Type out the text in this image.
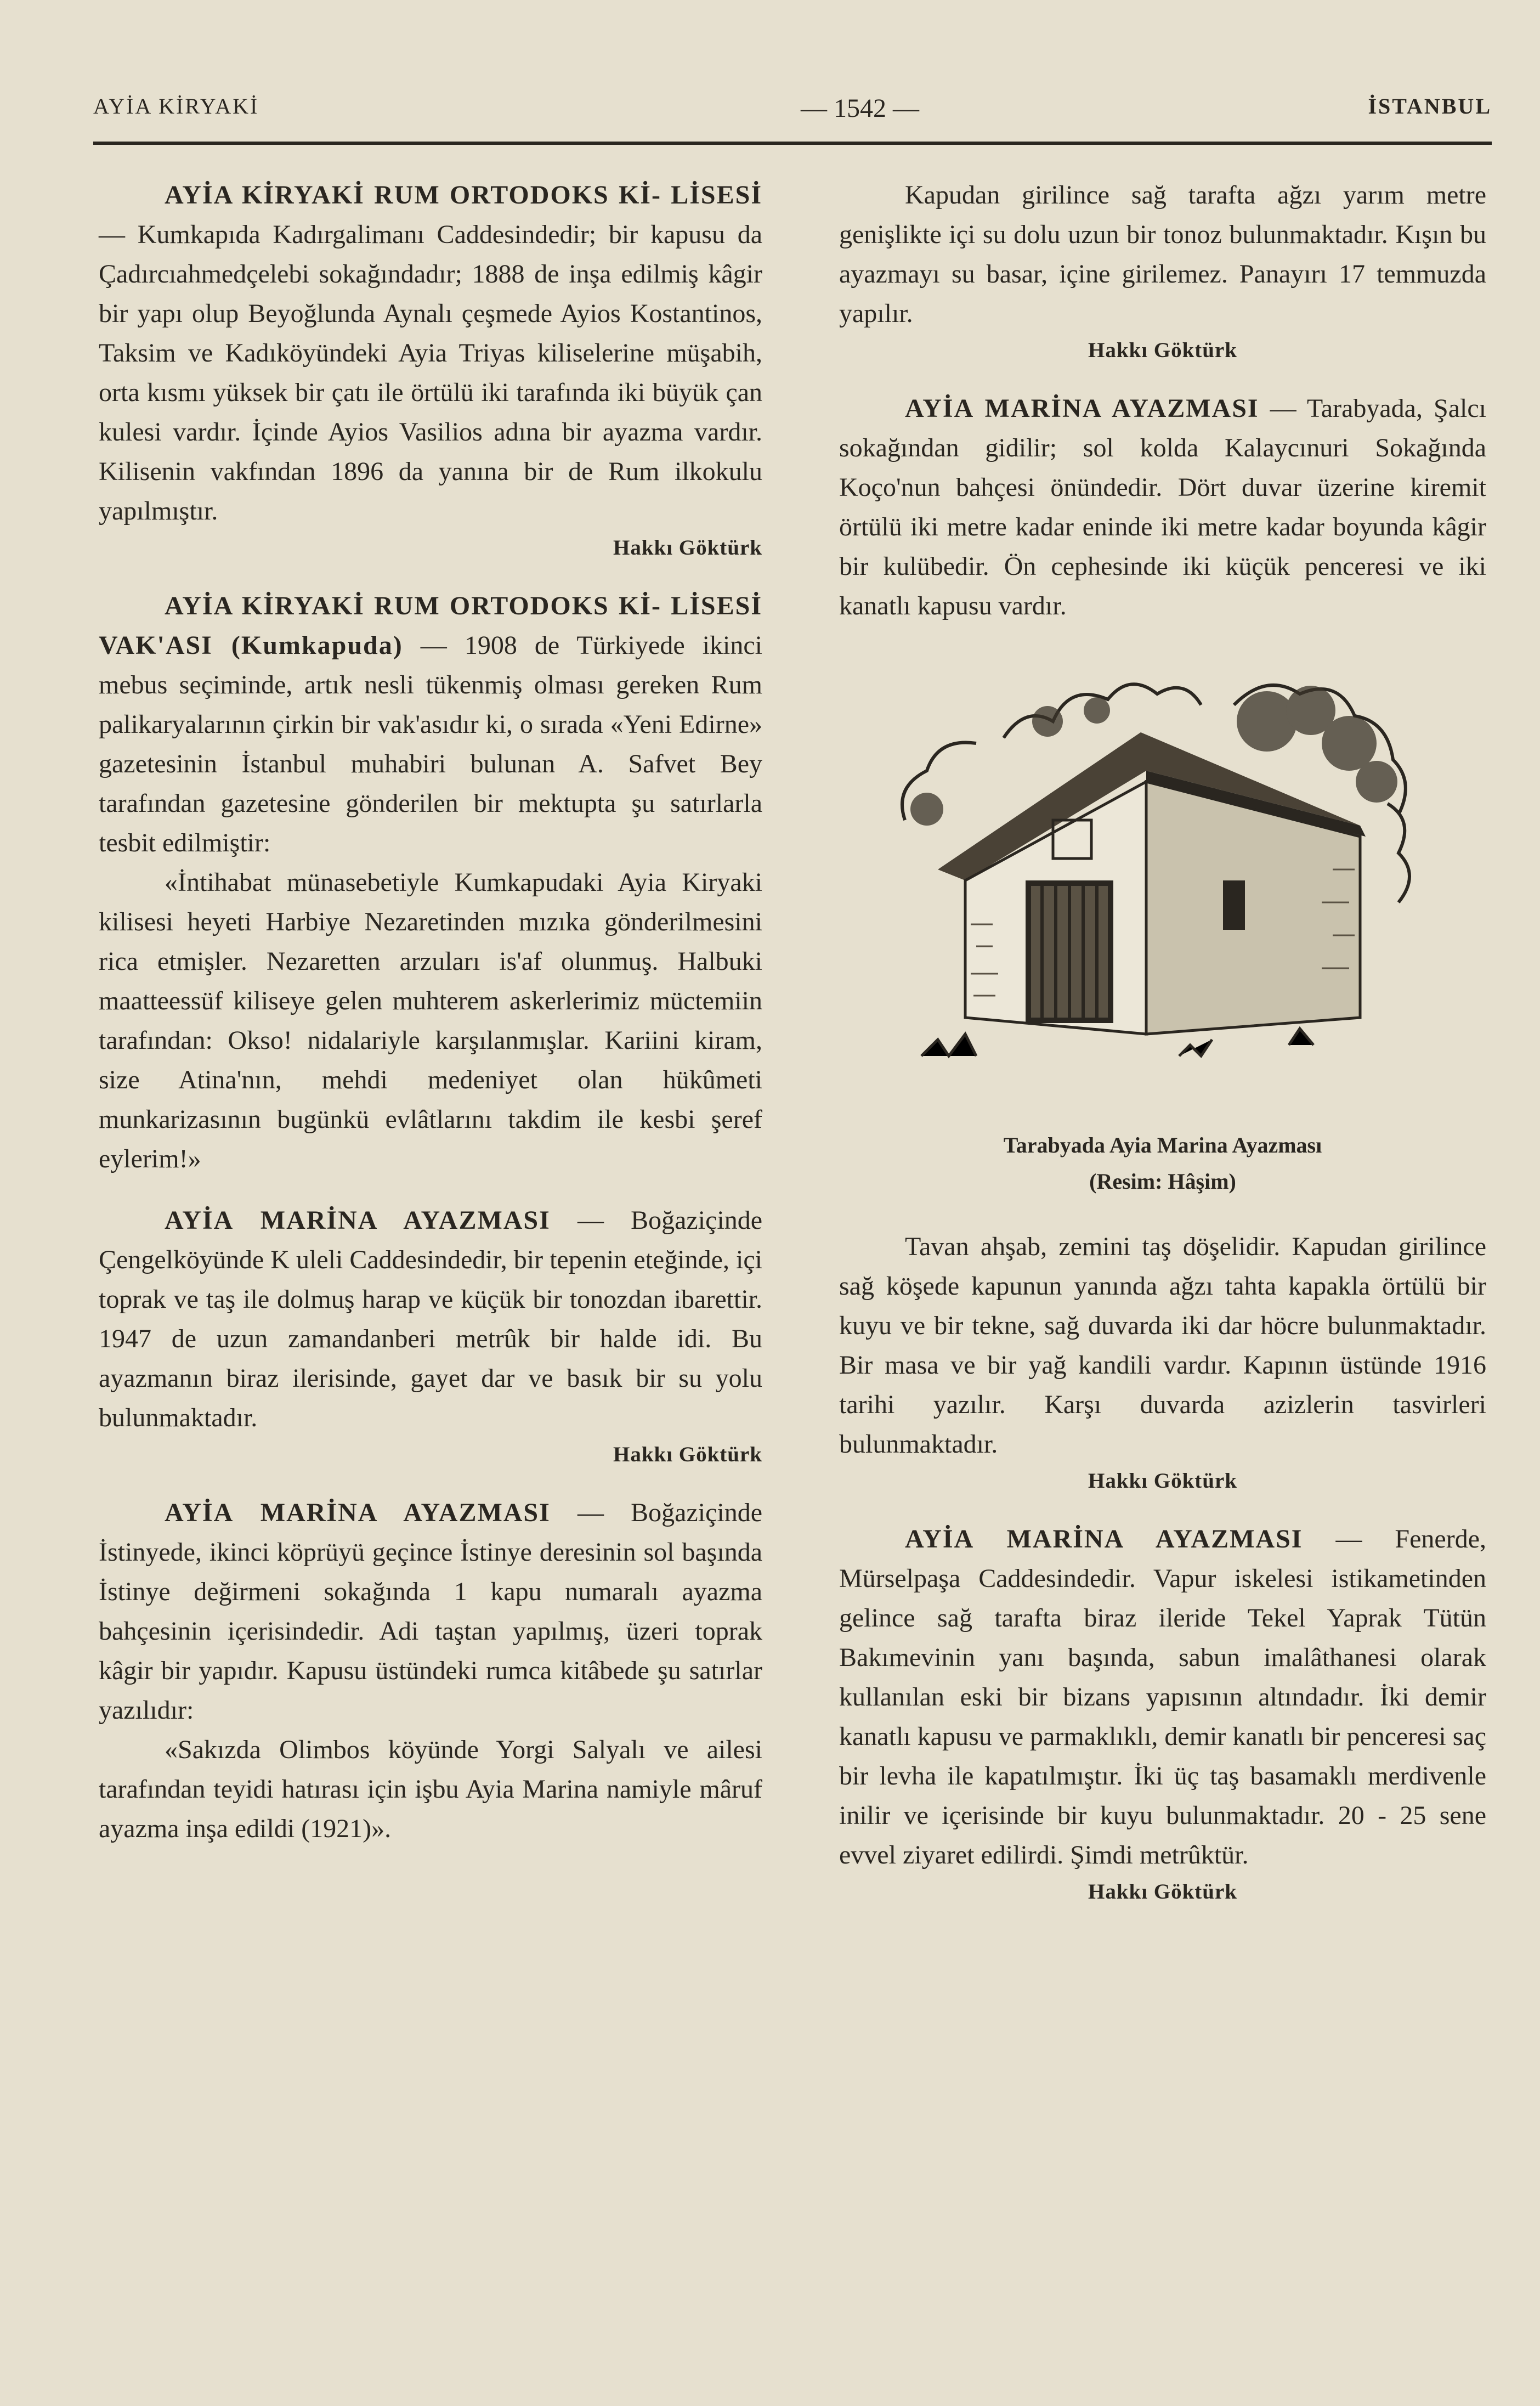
AYİA KİRYAKİ	— 1542 —	İSTANBUL

AYİA KİRYAKİ RUM ORTODOKS Kİ- LİSESİ — Kumkapıda Kadırgalimanı Caddesindedir; bir kapusu da Çadırcıahmedçelebi sokağındadır; 1888 de inşa edilmiş kâgir bir yapı olup Beyoğlunda Aynalı çeşmede Ayios Kostantinos, Taksim ve Kadıköyündeki Ayia Triyas kiliselerine müşabih, orta kısmı yüksek bir çatı ile örtülü iki tarafında iki büyük çan kulesi vardır. İçinde Ayios Vasilios adına bir ayazma vardır. Kilisenin vakfından 1896 da yanına bir de Rum ilkokulu yapılmıştır.

Hakkı Göktürk

AYİA KİRYAKİ RUM ORTODOKS Kİ- LİSESİ VAK'ASI (Kumkapuda) — 1908 de Türkiyede ikinci mebus seçiminde, artık nesli tükenmiş olması gereken Rum palikaryalarının çirkin bir vak'asıdır ki, o sırada «Yeni Edirne» gazetesinin İstanbul muhabiri bulunan A. Safvet Bey tarafından gazetesine gönderilen bir mektupta şu satırlarla tesbit edilmiştir:

«İntihabat münasebetiyle Kumkapudaki Ayia Kiryaki kilisesi heyeti Harbiye Nezaretinden mızıka gönderilmesini rica etmişler. Nezaretten arzuları is'af olunmuş. Halbuki maatteessüf kiliseye gelen muhterem askerlerimiz müctemiin tarafından: Okso! nidalariyle karşılanmışlar. Kariini kiram, size Atina'nın, mehdi medeniyet olan hükûmeti munkarizasının bugünkü evlâtlarını takdim ile kesbi şeref eylerim!»

AYİA MARİNA AYAZMASI — Boğaziçinde Çengelköyünde K uleli Caddesindedir, bir tepenin eteğinde, içi toprak ve taş ile dolmuş harap ve küçük bir tonozdan ibarettir. 1947 de uzun zamandanberi metrûk bir halde idi. Bu ayazmanın biraz ilerisinde, gayet dar ve basık bir su yolu bulunmaktadır.

Hakkı Göktürk

AYİA MARİNA AYAZMASI — Boğaziçinde İstinyede, ikinci köprüyü geçince İstinye deresinin sol başında İstinye değirmeni sokağında 1 kapu numaralı ayazma bahçesinin içerisindedir. Adi taştan yapılmış, üzeri toprak kâgir bir yapıdır. Kapusu üstündeki rumca kitâbede şu satırlar yazılıdır:

«Sakızda Olimbos köyünde Yorgi Salyalı ve ailesi tarafından teyidi hatırası için işbu Ayia Marina namiyle mâruf ayazma inşa edildi (1921)».

Kapudan girilince sağ tarafta ağzı yarım metre genişlikte içi su dolu uzun bir tonoz bulunmaktadır. Kışın bu ayazmayı su basar, içine girilemez. Panayırı 17 temmuzda yapılır.

Hakkı Göktürk

AYİA MARİNA AYAZMASI — Tarabyada, Şalcı sokağından gidilir; sol kolda Kalaycınuri Sokağında Koço'nun bahçesi önündedir. Dört duvar üzerine kiremit örtülü iki metre kadar eninde iki metre kadar boyunda kâgir bir kulübedir. Ön cephesinde iki küçük penceresi ve iki kanatlı kapusu vardır.

Tarabyada Ayia Marina Ayazması

(Resim: Hâşim)

Tavan ahşab, zemini taş döşelidir. Kapudan girilince sağ köşede kapunun yanında ağzı tahta kapakla örtülü bir kuyu ve bir tekne, sağ duvarda iki dar höcre bulunmaktadır. Bir masa ve bir yağ kandili vardır. Kapının üstünde 1916 tarihi yazılır. Karşı duvarda azizlerin tasvirleri bulunmaktadır.

Hakkı Göktürk

AYİA MARİNA AYAZMASI — Fenerde, Mürselpaşa Caddesindedir. Vapur iskelesi istikametinden gelince sağ tarafta biraz ileride Tekel Yaprak Tütün Bakımevinin yanı başında, sabun imalâthanesi olarak kullanılan eski bir bizans yapısının altındadır. İki demir kanatlı kapusu ve parmaklıklı, demir kanatlı bir penceresi saç bir levha ile kapatılmıştır. İki üç taş basamaklı merdivenle inilir ve içerisinde bir kuyu bulunmaktadır. 20 - 25 sene evvel ziyaret edilirdi. Şimdi metrûktür.

Hakkı Göktürk
